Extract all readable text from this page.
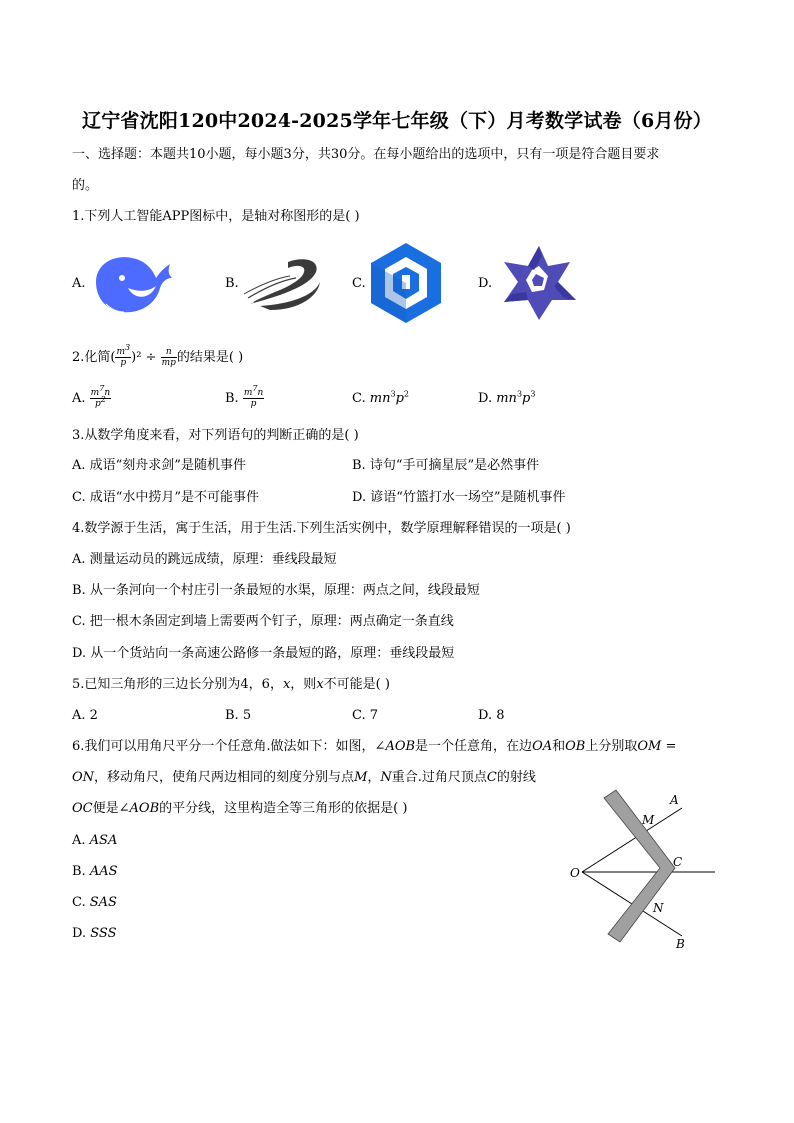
辽宁省沈阳120中2024-2025学年七年级（下）月考数学试卷（6月份）
一、选择题：本题共10小题，每小题3分，共30分。在每小题给出的选项中，只有一项是符合题目要求
的。
1.下列人工智能APP图标中，是轴对称图形的是( )
A.	B.	C.	D.
2.化简( $\frac{m3}{p} )^2 \div \frac{n}{mp}$ 的结果是( )
A. $\frac{m7n}{p2}$	B. $\frac{m7n}{p}$	C. $mn^3p^2$	D. $mn^3p^3$
3.从数学角度来看，对下列语句的判断正确的是( )
A. 成语“刻舟求剑”是随机事件	B. 诗句“手可摘星辰”是必然事件
C. 成语“水中捞月”是不可能事件	D. 谚语“竹篮打水一场空”是随机事件
4.数学源于生活，寓于生活，用于生活.下列生活实例中，数学原理解释错误的一项是( )
A. 测量运动员的跳远成绩，原理：垂线段最短
B. 从一条河向一个村庄引一条最短的水渠，原理：两点之间，线段最短
C. 把一根木条固定到墙上需要两个钉子，原理：两点确定一条直线
D. 从一个货站向一条高速公路修一条最短的路，原理：垂线段最短
5.已知三角形的三边长分别为4，6，x，则x不可能是( )
A. 2	B. 5	C. 7	D. 8
6.我们可以用角尺平分一个任意角.做法如下：如图，∠AOB是一个任意角，在边OA和OB上分别取OM =
ON，移动角尺，使角尺两边相同的刻度分别与点M，N重合.过角尺顶点C的射线
OC便是∠AOB的平分线，这里构造全等三角形的依据是( )
A. ASA
B. AAS
C. SAS
D. SSS
O
A
M
C
N
B
